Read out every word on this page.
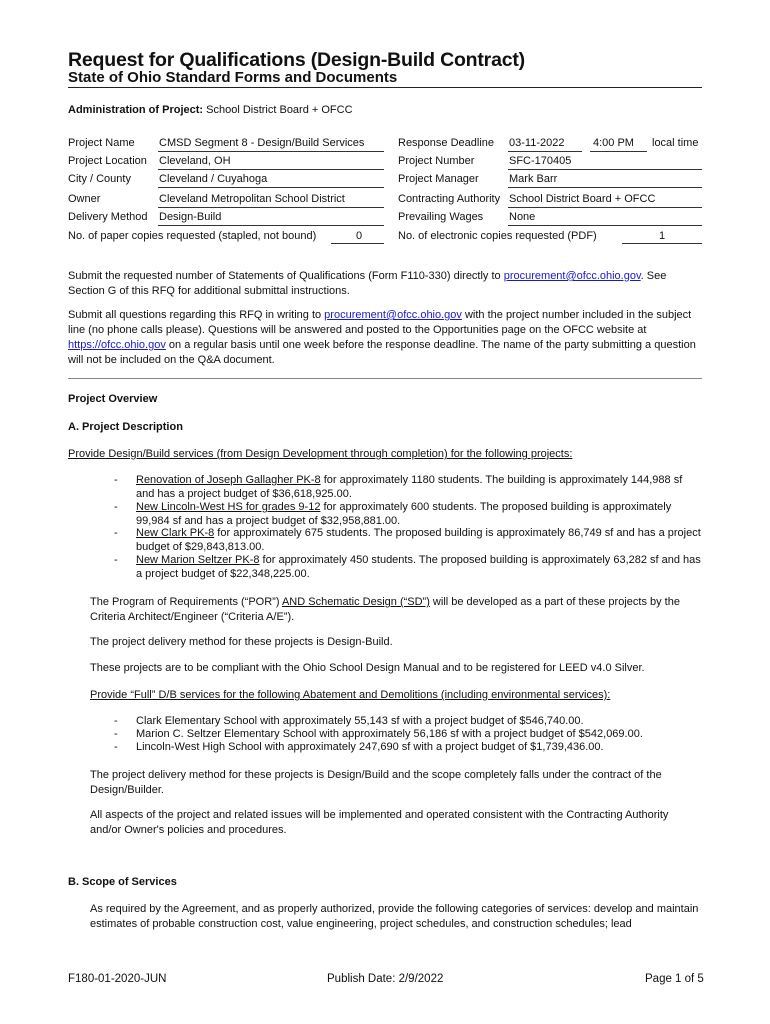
Request for Qualifications (Design-Build Contract)
State of Ohio Standard Forms and Documents
Administration of Project: School District Board + OFCC
Project Name CMSD Segment 8 - Design/Build Services
Project Location Cleveland, OH
City / County	Cleveland / Cuyahoga
Owner	Cleveland Metropolitan School District
Delivery Method Design-Build
No. of paper copies requested (stapled, not bound)	0
Response Deadline 03-11-2022	4:00 PM local time
Project Number	SFC-170405
Project Manager	Mark Barr
Contracting Authority School District Board + OFCC
Prevailing Wages None
No. of electronic copies requested (PDF)	1
Submit the requested number of Statements of Qualifications (Form F110-330) directly to procurement@ofcc.ohio.gov. See Section G of this RFQ for additional submittal instructions.
Submit all questions regarding this RFQ in writing to procurement@ofcc.ohio.gov with the project number included in the subject line (no phone calls please). Questions will be answered and posted to the Opportunities page on the OFCC website at https://ofcc.ohio.gov on a regular basis until one week before the response deadline. The name of the party submitting a question will not be included on the Q&A document.
Project Overview
A. Project Description
Provide Design/Build services (from Design Development through completion) for the following projects:
- Renovation of Joseph Gallagher PK-8 for approximately 1180 students. The building is approximately 144,988 sf and has a project budget of $36,618,925.00.
- New Lincoln-West HS for grades 9-12 for approximately 600 students. The proposed building is approximately 99,984 sf and has a project budget of $32,958,881.00.
- New Clark PK-8 for approximately 675 students. The proposed building is approximately 86,749 sf and has a project budget of $29,843,813.00.
- New Marion Seltzer PK-8 for approximately 450 students. The proposed building is approximately 63,282 sf and has a project budget of $22,348,225.00.
The Program of Requirements (“POR”) AND Schematic Design (“SD”) will be developed as a part of these projects by the Criteria Architect/Engineer (“Criteria A/E”).
The project delivery method for these projects is Design-Build.
These projects are to be compliant with the Ohio School Design Manual and to be registered for LEED v4.0 Silver.
Provide “Full” D/B services for the following Abatement and Demolitions (including environmental services):
- Clark Elementary School with approximately 55,143 sf with a project budget of $546,740.00.
- Marion C. Seltzer Elementary School with approximately 56,186 sf with a project budget of $542,069.00.
- Lincoln-West High School with approximately 247,690 sf with a project budget of $1,739,436.00.
The project delivery method for these projects is Design/Build and the scope completely falls under the contract of the Design/Builder.
All aspects of the project and related issues will be implemented and operated consistent with the Contracting Authority and/or Owner's policies and procedures.
B. Scope of Services
As required by the Agreement, and as properly authorized, provide the following categories of services: develop and maintain estimates of probable construction cost, value engineering, project schedules, and construction schedules; lead
F180-01-2020-JUN	Publish Date: 2/9/2022	Page 1 of 5
